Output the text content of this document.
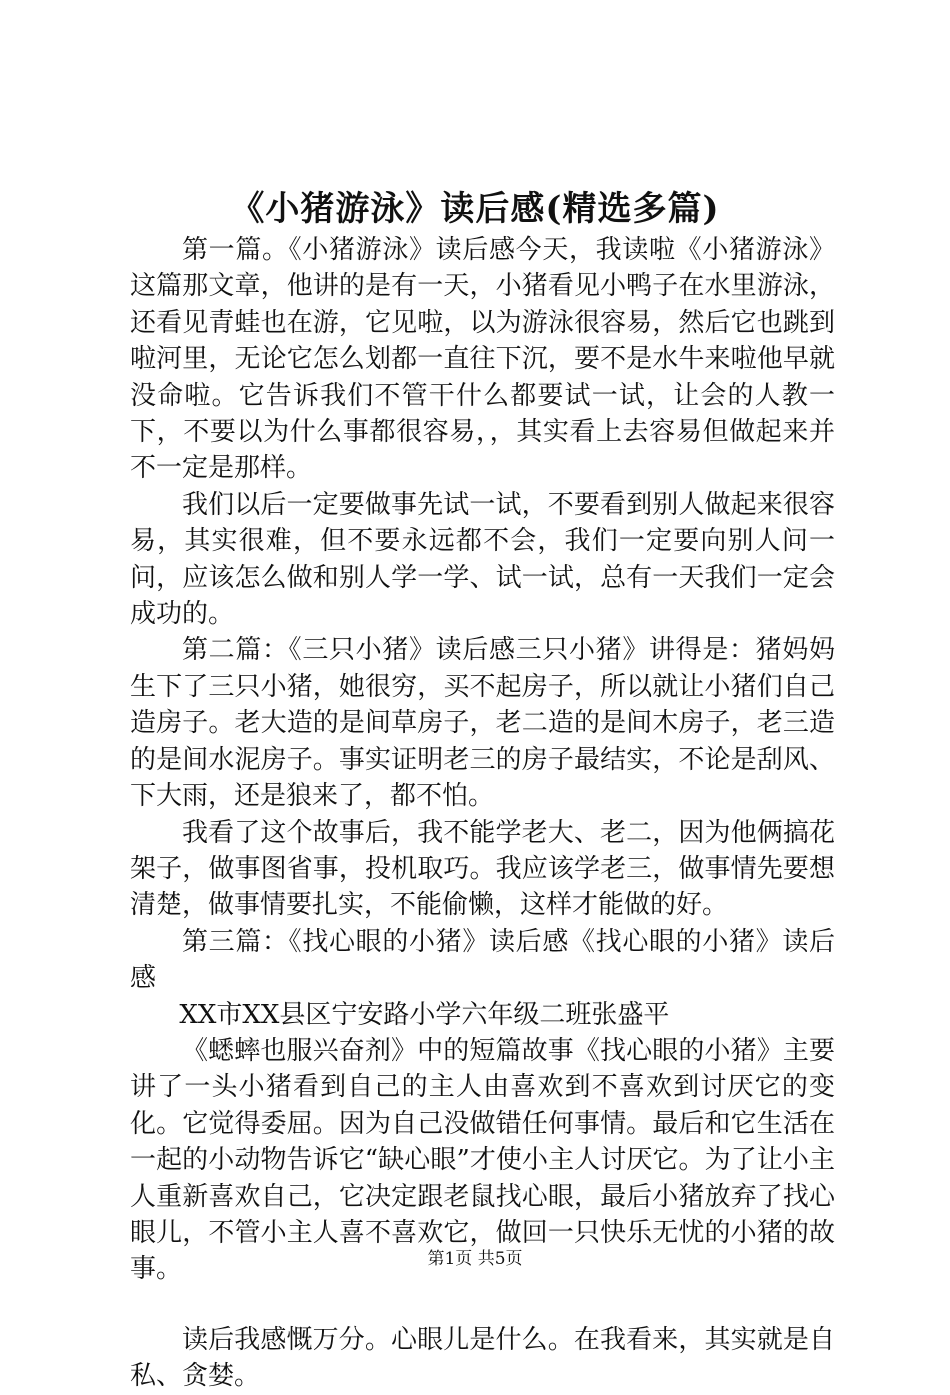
《小猪游泳》读后感(精选多篇)

第一篇。《小猪游泳》读后感今天，我读啦《小猪游泳》这篇那文章，他讲的是有一天，小猪看见小鸭子在水里游泳，还看见青蛙也在游，它见啦，以为游泳很容易，然后它也跳到啦河里，无论它怎么划都一直往下沉，要不是水牛来啦他早就没命啦。它告诉我们不管干什么都要试一试，让会的人教一下，不要以为什么事都很容易，，其实看上去容易但做起来并不一定是那样。

我们以后一定要做事先试一试，不要看到别人做起来很容易，其实很难，但不要永远都不会，我们一定要向别人问一问，应该怎么做和别人学一学、试一试，总有一天我们一定会成功的。

第二篇：《三只小猪》读后感三只小猪》讲得是：猪妈妈生下了三只小猪，她很穷，买不起房子，所以就让小猪们自己造房子。老大造的是间草房子，老二造的是间木房子，老三造的是间水泥房子。事实证明老三的房子最结实，不论是刮风、下大雨，还是狼来了，都不怕。

我看了这个故事后，我不能学老大、老二，因为他俩搞花架子，做事图省事，投机取巧。我应该学老三，做事情先要想清楚，做事情要扎实，不能偷懒，这样才能做的好。

第三篇：《找心眼的小猪》读后感《找心眼的小猪》读后感

XX市XX县区宁安路小学六年级二班张盛平

《蟋蟀也服兴奋剂》中的短篇故事《找心眼的小猪》主要讲了一头小猪看到自己的主人由喜欢到不喜欢到讨厌它的变化。它觉得委屈。因为自己没做错任何事情。最后和它生活在一起的小动物告诉它“缺心眼”才使小主人讨厌它。为了让小主人重新喜欢自己，它决定跟老鼠找心眼，最后小猪放弃了找心眼儿，不管小主人喜不喜欢它，做回一只快乐无忧的小猪的故事。

读后我感慨万分。心眼儿是什么。在我看来，其实就是自私、贪婪。

第1页 共5页
